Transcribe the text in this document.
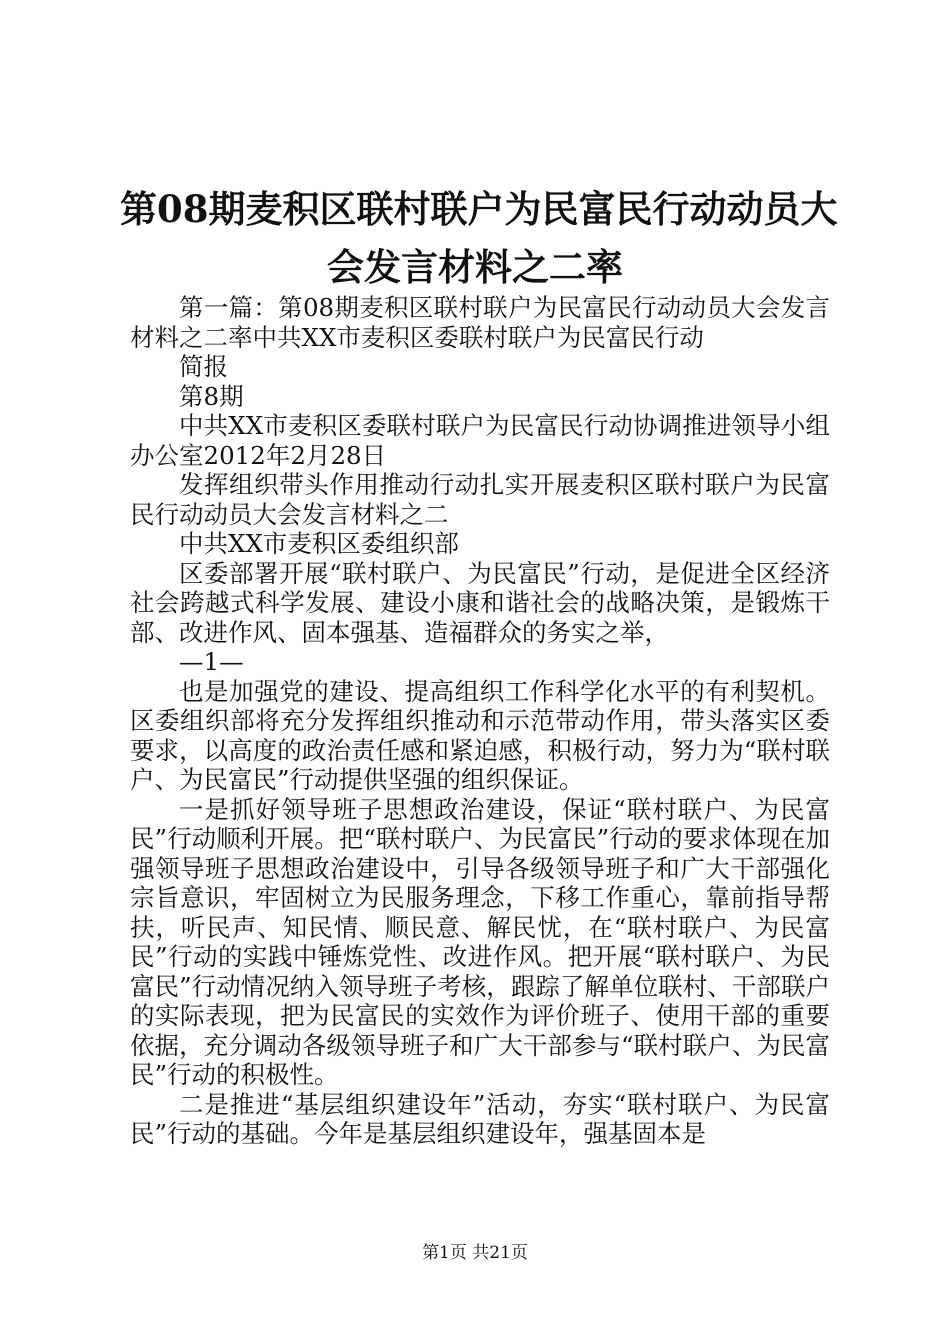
第08期麦积区联村联户为民富民行动动员大
会发言材料之二率

第一篇：第08期麦积区联村联户为民富民行动动员大会发言材料之二率中共XX市麦积区委联村联户为民富民行动

简报

第8期

中共XX市麦积区委联村联户为民富民行动协调推进领导小组办公室2012年2月28日

发挥组织带头作用推动行动扎实开展麦积区联村联户为民富民行动动员大会发言材料之二

中共XX市麦积区委组织部

区委部署开展“联村联户、为民富民”行动，是促进全区经济社会跨越式科学发展、建设小康和谐社会的战略决策，是锻炼干部、改进作风、固本强基、造福群众的务实之举，

—1—

也是加强党的建设、提高组织工作科学化水平的有利契机。区委组织部将充分发挥组织推动和示范带动作用，带头落实区委要求，以高度的政治责任感和紧迫感，积极行动，努力为“联村联户、为民富民”行动提供坚强的组织保证。

一是抓好领导班子思想政治建设，保证“联村联户、为民富民”行动顺利开展。把“联村联户、为民富民”行动的要求体现在加强领导班子思想政治建设中，引导各级领导班子和广大干部强化宗旨意识，牢固树立为民服务理念，下移工作重心，靠前指导帮扶，听民声、知民情、顺民意、解民忧，在“联村联户、为民富民”行动的实践中锤炼党性、改进作风。把开展“联村联户、为民富民”行动情况纳入领导班子考核，跟踪了解单位联村、干部联户的实际表现，把为民富民的实效作为评价班子、使用干部的重要依据，充分调动各级领导班子和广大干部参与“联村联户、为民富民”行动的积极性。

二是推进“基层组织建设年”活动，夯实“联村联户、为民富民”行动的基础。今年是基层组织建设年，强基固本是

第1页 共21页
